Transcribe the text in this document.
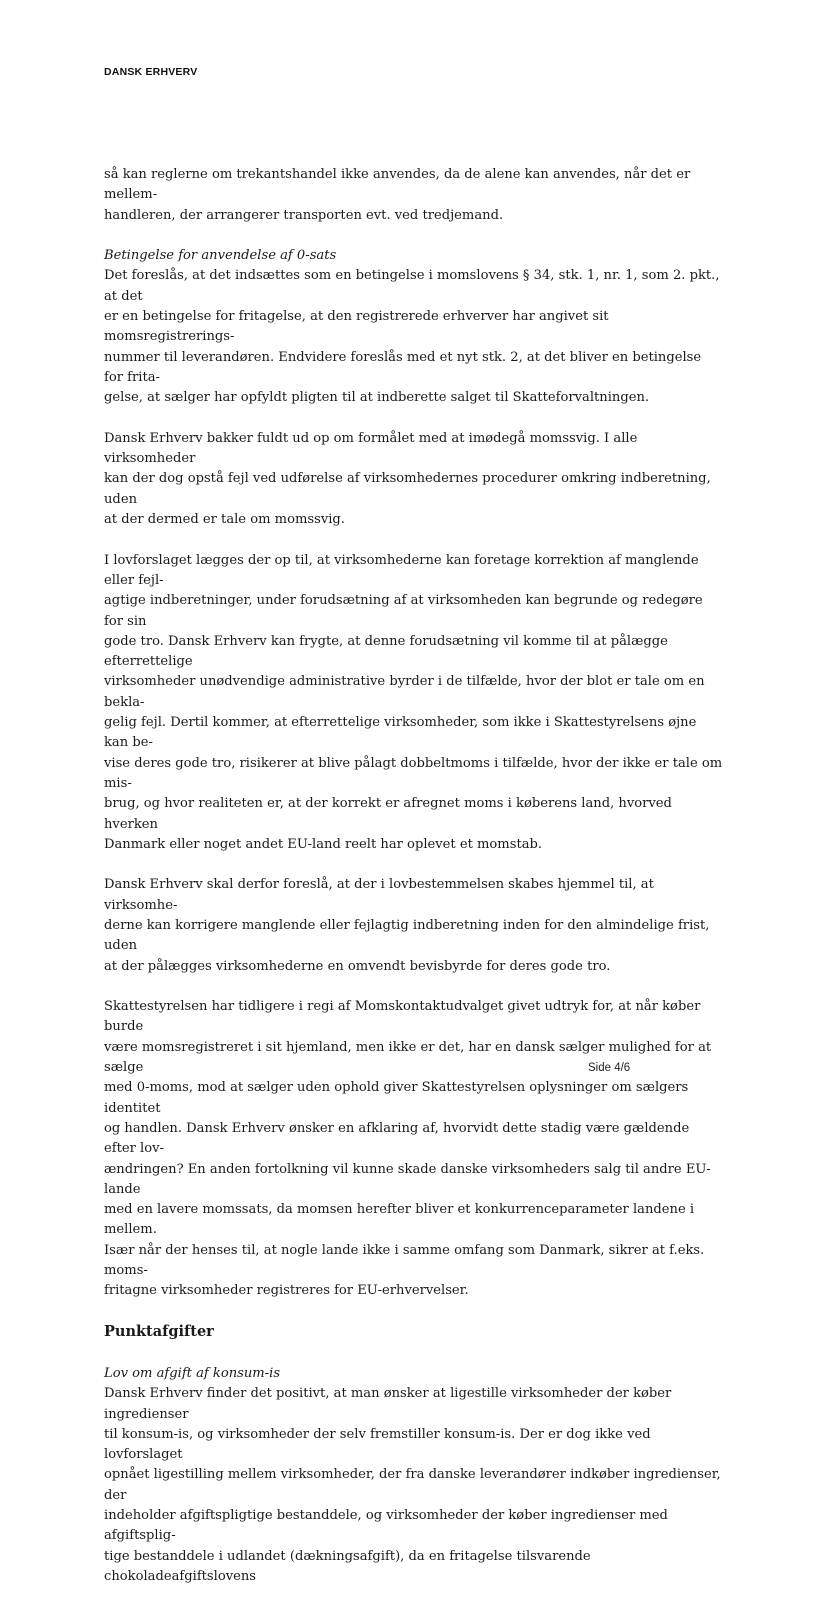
DANSK ERHVERV

så kan reglerne om trekantshandel ikke anvendes, da de alene kan anvendes, når det er mellem-
handleren, der arrangerer transporten evt. ved tredjemand.

Betingelse for anvendelse af 0-sats

Det foreslås, at det indsættes som en betingelse i momslovens § 34, stk. 1, nr. 1, som 2. pkt., at det
er en betingelse for fritagelse, at den registrerede erhverver har angivet sit momsregistrerings-
nummer til leverandøren. Endvidere foreslås med et nyt stk. 2, at det bliver en betingelse for frita-
gelse, at sælger har opfyldt pligten til at indberette salget til Skatteforvaltningen.

Dansk Erhverv bakker fuldt ud op om formålet med at imødegå momssvig. I alle virksomheder
kan der dog opstå fejl ved udførelse af virksomhedernes procedurer omkring indberetning, uden
at der dermed er tale om momssvig.

I lovforslaget lægges der op til, at virksomhederne kan foretage korrektion af manglende eller fejl-
agtige indberetninger, under forudsætning af at virksomheden kan begrunde og redegøre for sin
gode tro. Dansk Erhverv kan frygte, at denne forudsætning vil komme til at pålægge efterrettelige
virksomheder unødvendige administrative byrder i de tilfælde, hvor der blot er tale om en bekla-
gelig fejl. Dertil kommer, at efterrettelige virksomheder, som ikke i Skattestyrelsens øjne kan be-
vise deres gode tro, risikerer at blive pålagt dobbeltmoms i tilfælde, hvor der ikke er tale om mis-
brug, og hvor realiteten er, at der korrekt er afregnet moms i køberens land, hvorved hverken
Danmark eller noget andet EU-land reelt har oplevet et momstab.

Dansk Erhverv skal derfor foreslå, at der i lovbestemmelsen skabes hjemmel til, at virksomhe-
derne kan korrigere manglende eller fejlagtig indberetning inden for den almindelige frist, uden
at der pålægges virksomhederne en omvendt bevisbyrde for deres gode tro.

Skattestyrelsen har tidligere i regi af Momskontaktudvalget givet udtryk for, at når køber burde
være momsregistreret i sit hjemland, men ikke er det, har en dansk sælger mulighed for at sælge
med 0-moms, mod at sælger uden ophold giver Skattestyrelsen oplysninger om sælgers identitet
og handlen. Dansk Erhverv ønsker en afklaring af, hvorvidt dette stadig være gældende efter lov-
ændringen? En anden fortolkning vil kunne skade danske virksomheders salg til andre EU-lande
med en lavere momssats, da momsen herefter bliver et konkurrenceparameter landene i mellem.
Især når der henses til, at nogle lande ikke i samme omfang som Danmark, sikrer at f.eks. moms-
fritagne virksomheder registreres for EU-erhvervelser.

Punktafgifter

Lov om afgift af konsum-is

Dansk Erhverv finder det positivt, at man ønsker at ligestille virksomheder der køber ingredienser
til konsum-is, og virksomheder der selv fremstiller konsum-is. Der er dog ikke ved lovforslaget
opnået ligestilling mellem virksomheder, der fra danske leverandører indkøber ingredienser, der
indeholder afgiftspligtige bestanddele, og virksomheder der køber ingredienser med afgiftsplig-
tige bestanddele i udlandet (dækningsafgift), da en fritagelse tilsvarende chokoladeafgiftslovens

Side 4/6
